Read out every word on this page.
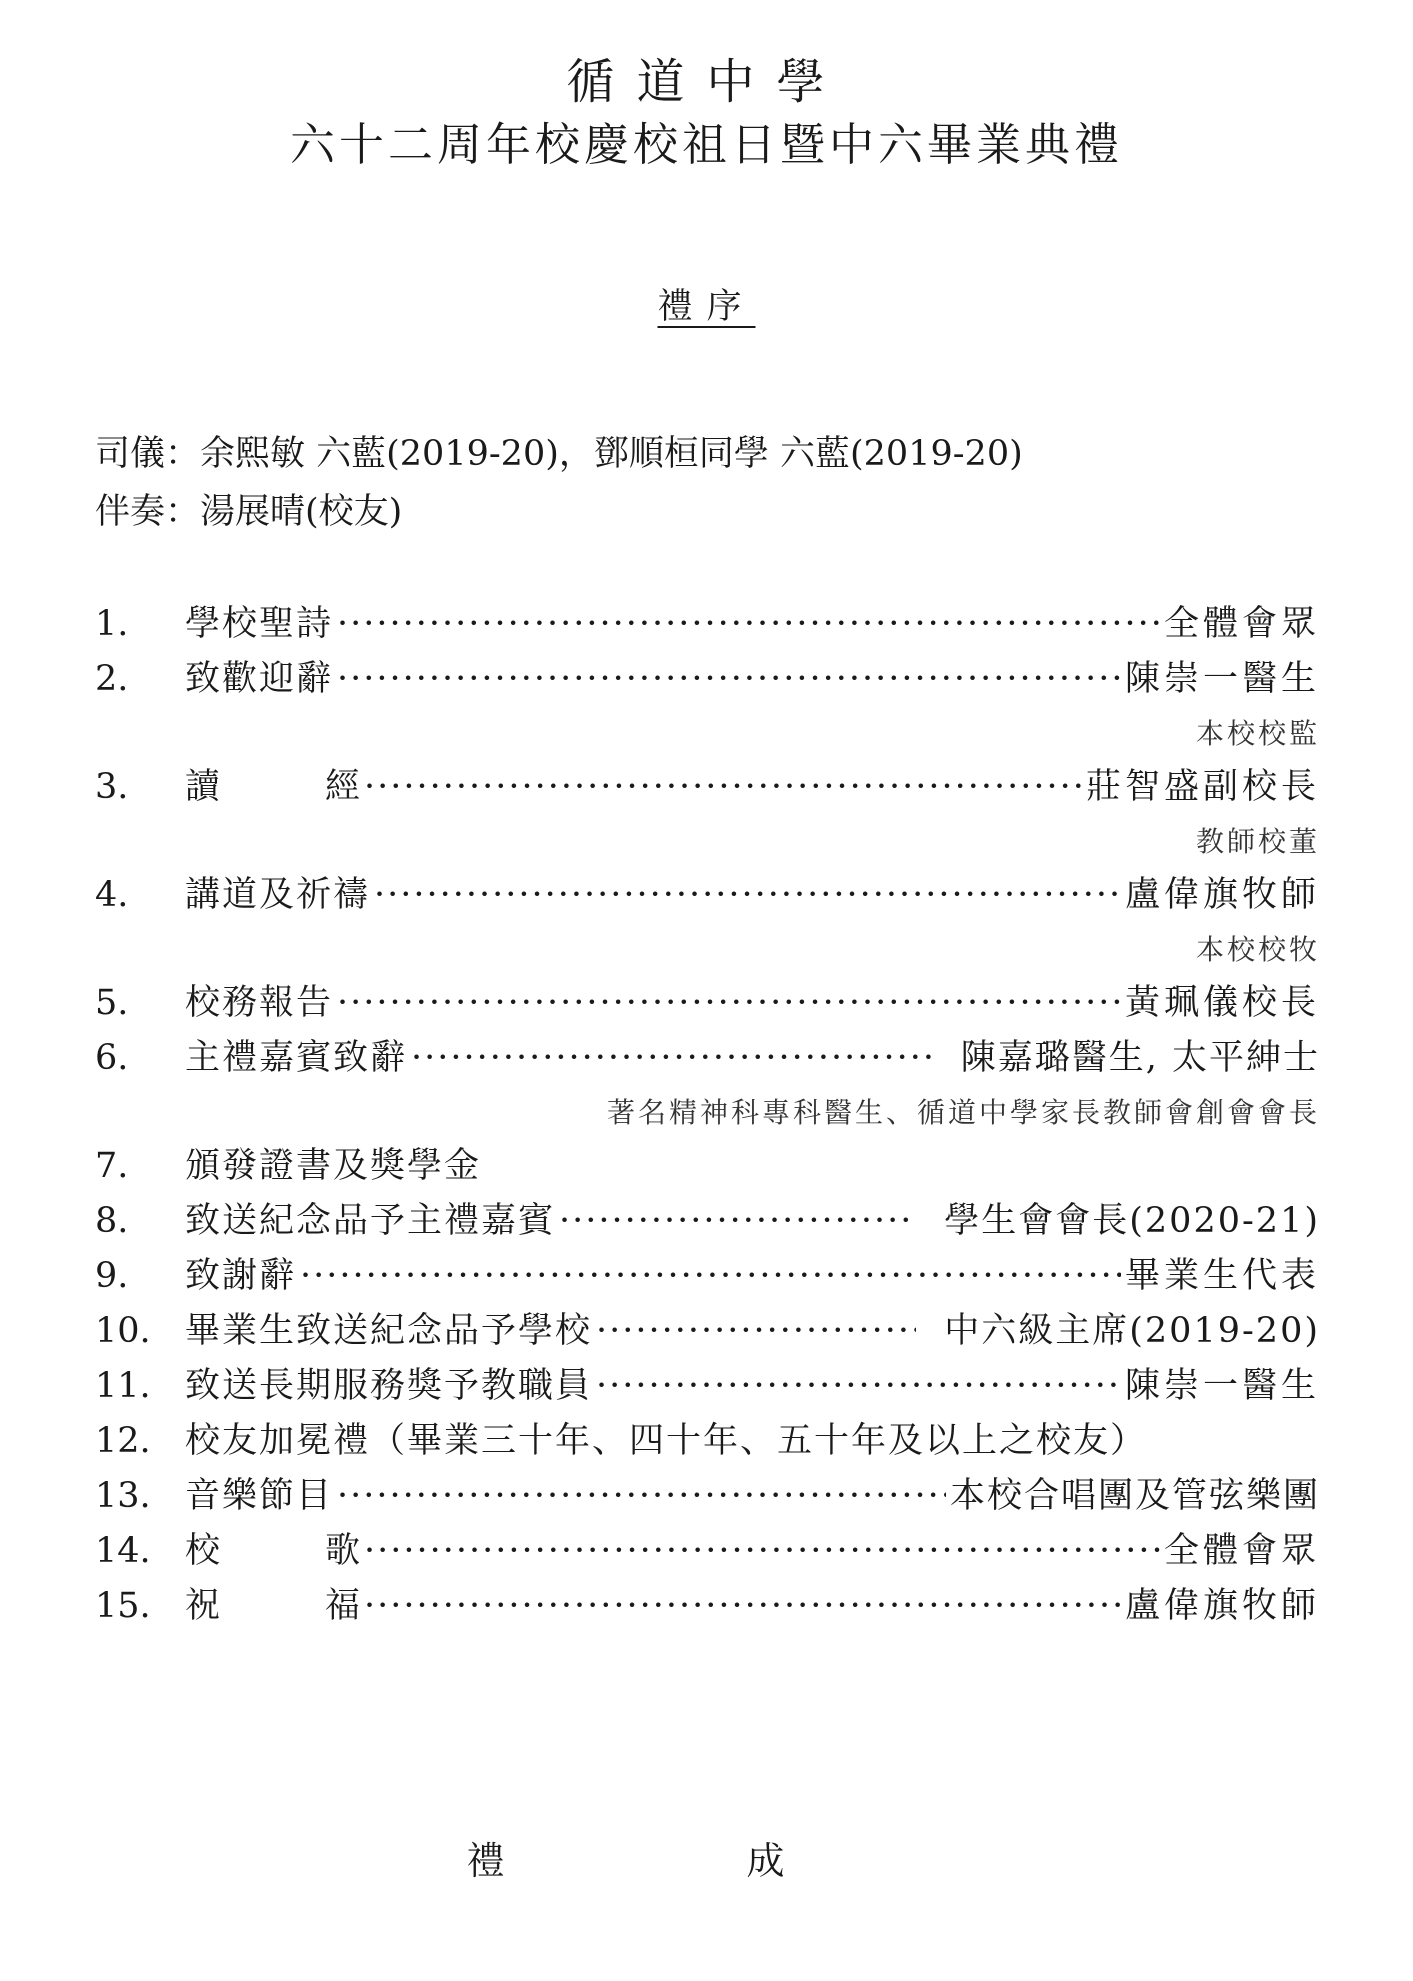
循道中學
六十二周年校慶校祖日暨中六畢業典禮
禮序
司儀：余熙敏 六藍(2019-20)，鄧順桓同學 六藍(2019-20)
伴奏：湯展晴(校友)
1.	學校聖詩 ·····	全體會眾
2.	致歡迎辭 ·····	陳崇一醫生
本校校監
3.	讀	經 ·····	莊智盛副校長
教師校董
4.	講道及祈禱 ·····	盧偉旗牧師
本校校牧
5.	校務報告 ·····	黃珮儀校長
6.	主禮嘉賓致辭 ·····	陳嘉璐醫生, 太平紳士
著名精神科專科醫生、循道中學家長教師會創會會長
7.	頒發證書及獎學金
8.	致送紀念品予主禮嘉賓 ·····	學生會會長(2020-21)
9.	致謝辭 ·····	畢業生代表
10. 畢業生致送紀念品予學校 ·····	中六級主席(2019-20)
11. 致送長期服務獎予教職員 ·····	陳崇一醫生
12. 校友加冕禮（畢業三十年、四十年、五十年及以上之校友）
13. 音樂節目 ·····	本校合唱團及管弦樂團
14. 校	歌 ·····	全體會眾
15. 祝	福 ·····	盧偉旗牧師
禮	成
